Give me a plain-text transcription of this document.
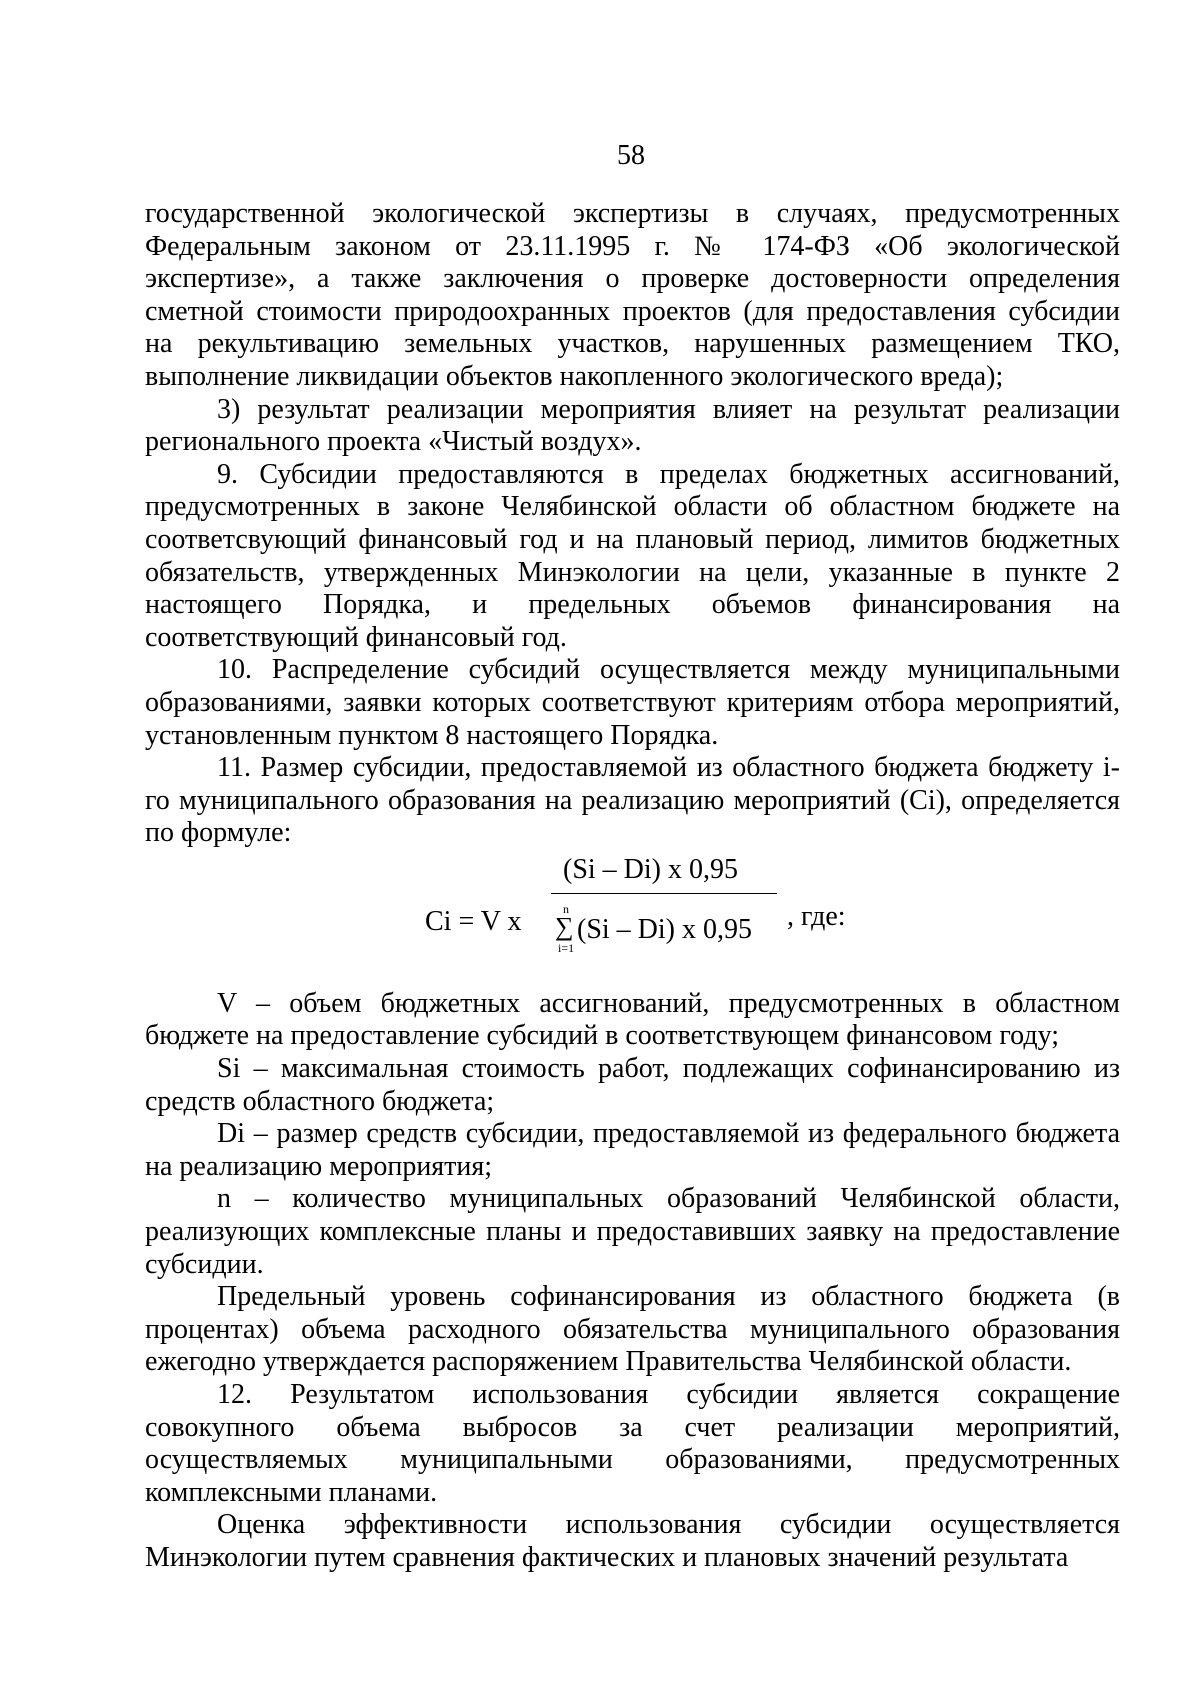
58

государственной экологической экспертизы в случаях, предусмотренных Федеральным законом от 23.11.1995 г. № 174-ФЗ «Об экологической экспертизе», а также заключения о проверке достоверности определения сметной стоимости природоохранных проектов (для предоставления субсидии на рекультивацию земельных участков, нарушенных размещением ТКО, выполнение ликвидации объектов накопленного экологического вреда);

3) результат реализации мероприятия влияет на результат реализации регионального проекта «Чистый воздух».

9. Субсидии предоставляются в пределах бюджетных ассигнований, предусмотренных в законе Челябинской области об областном бюджете на соответсвующий финансовый год и на плановый период, лимитов бюджетных обязательств, утвержденных Минэкологии на цели, указанные в пункте 2 настоящего Порядка, и предельных объемов финансирования на соответствующий финансовый год.

10. Распределение субсидий осуществляется между муниципальными образованиями, заявки которых соответствуют критериям отбора мероприятий, установленным пунктом 8 настоящего Порядка.

11. Размер субсидии, предоставляемой из областного бюджета бюджету i-го муниципального образования на реализацию мероприятий (Ci), определяется по формуле:

Ci = V x
(Si – Di) x 0,95
n
∑
i=1
(Si – Di) x 0,95 , где:

V – объем бюджетных ассигнований, предусмотренных в областном бюджете на предоставление субсидий в соответствующем финансовом году;

Si – максимальная стоимость работ, подлежащих софинансированию из средств областного бюджета;

Di – размер средств субсидии, предоставляемой из федерального бюджета на реализацию мероприятия;

n – количество муниципальных образований Челябинской области, реализующих комплексные планы и предоставивших заявку на предоставление субсидии.

Предельный уровень софинансирования из областного бюджета (в процентах) объема расходного обязательства муниципального образования ежегодно утверждается распоряжением Правительства Челябинской области.

12. Результатом использования субсидии является сокращение совокупного объема выбросов за счет реализации мероприятий, осуществляемых муниципальными образованиями, предусмотренных комплексными планами.

Оценка эффективности использования субсидии осуществляется Минэкологии путем сравнения фактических и плановых значений результата
